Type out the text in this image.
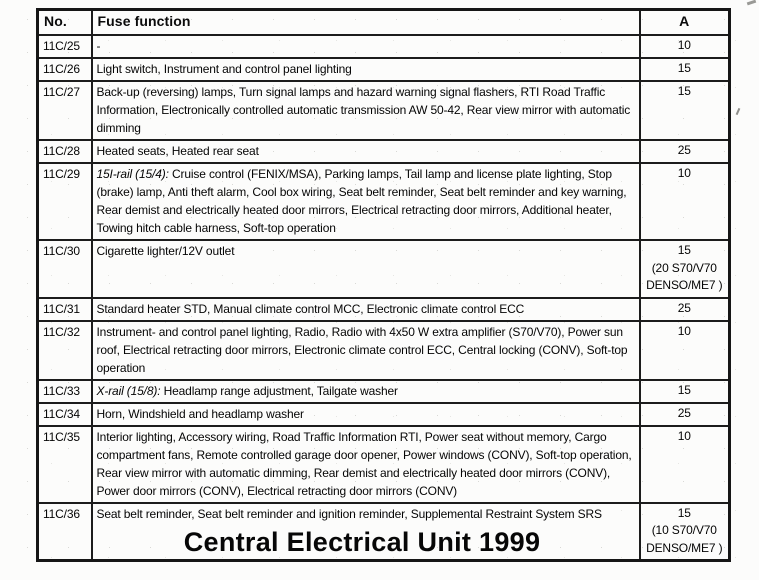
No.	Fuse function	A
11C/25	-	10

11C/26	Light switch, Instrument and control panel lighting	15

11C/27	Back-up (reversing) lamps, Turn signal lamps and hazard warning signal flashers, RTI Road Traffic Information, Electronically controlled automatic transmission AW 50-42, Rear view mirror with automatic dimming	15

11C/28	Heated seats, Heated rear seat	25

11C/29	15I-rail (15/4): Cruise control (FENIX/MSA), Parking lamps, Tail lamp and license plate lighting, Stop (brake) lamp, Anti theft alarm, Cool box wiring, Seat belt reminder, Seat belt reminder and key warning, Rear demist and electrically heated door mirrors, Electrical retracting door mirrors, Additional heater, Towing hitch cable harness, Soft-top operation	10

11C/30	Cigarette lighter/12V outlet	15
(20 S70/V70
DENSO/ME7 )

11C/31	Standard heater STD, Manual climate control MCC, Electronic climate control ECC	25

11C/32	Instrument- and control panel lighting, Radio, Radio with 4x50 W extra amplifier (S70/V70), Power sun roof, Electrical retracting door mirrors, Electronic climate control ECC, Central locking (CONV), Soft-top operation	10

11C/33	X-rail (15/8): Headlamp range adjustment, Tailgate washer	15

11C/34	Horn, Windshield and headlamp washer	25

11C/35	Interior lighting, Accessory wiring, Road Traffic Information RTI, Power seat without memory, Cargo compartment fans, Remote controlled garage door opener, Power windows (CONV), Soft-top operation, Rear view mirror with automatic dimming, Rear demist and electrically heated door mirrors (CONV), Power door mirrors (CONV), Electrical retracting door mirrors (CONV)	10

11C/36	Seat belt reminder, Seat belt reminder and ignition reminder, Supplemental Restraint System SRS	15
(10 S70/V70
DENSO/ME7 )
Central Electrical Unit 1999
